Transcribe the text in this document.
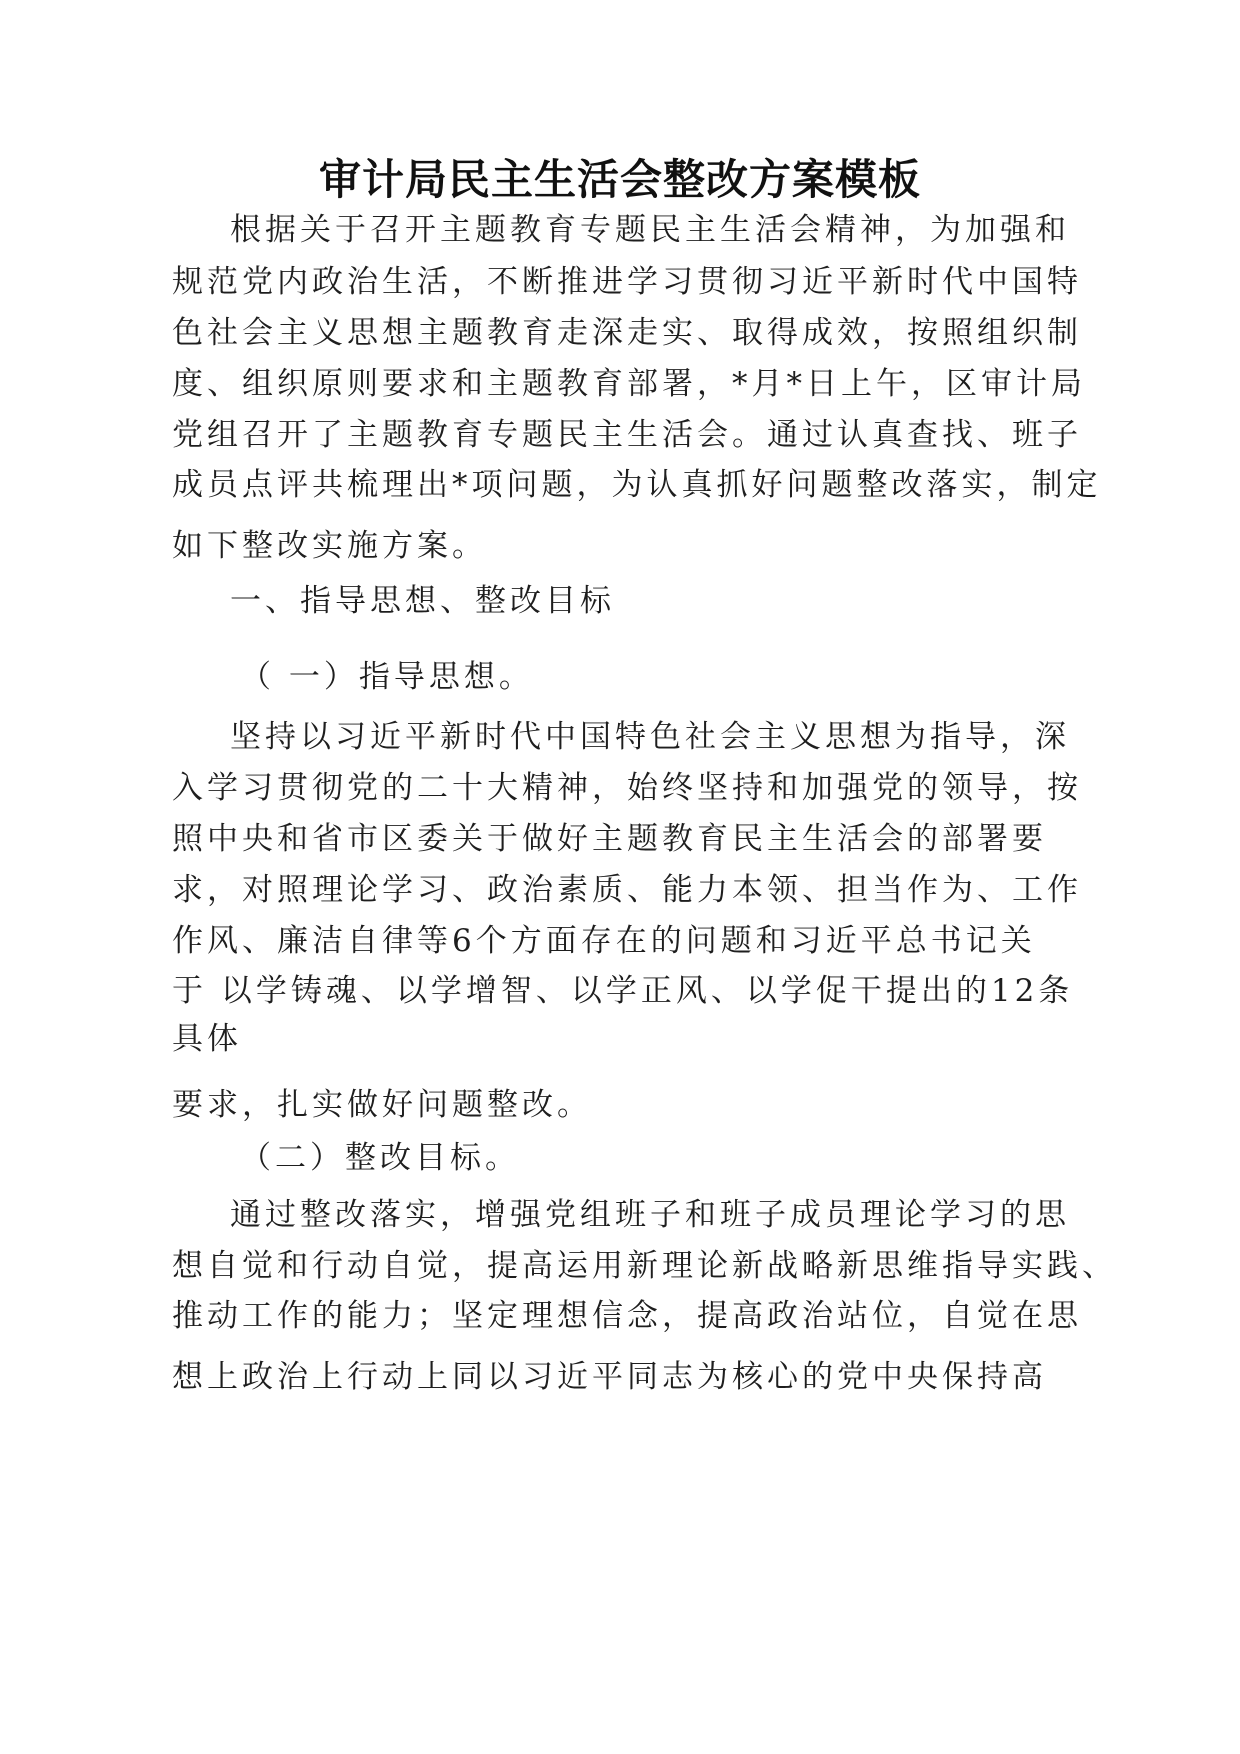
审计局民主生活会整改方案模板
根据关于召开主题教育专题民主生活会精神，为加强和
规范党内政治生活，不断推进学习贯彻习近平新时代中国特
色社会主义思想主题教育走深走实、取得成效，按照组织制
度、组织原则要求和主题教育部署，*月*日上午，区审计局
党组召开了主题教育专题民主生活会。通过认真查找、班子
成员点评共梳理出*项问题，为认真抓好问题整改落实，制定
如下整改实施方案。
一、指导思想、整改目标
（ 一）指导思想。
坚持以习近平新时代中国特色社会主义思想为指导，深
入学习贯彻党的二十大精神，始终坚持和加强党的领导，按
照中央和省市区委关于做好主题教育民主生活会的部署要
求，对照理论学习、政治素质、能力本领、担当作为、工作
作风、廉洁自律等6个方面存在的问题和习近平总书记关
于 以学铸魂、以学增智、以学正风、以学促干提出的12条
具体
要求，扎实做好问题整改。
（二）整改目标。
通过整改落实，增强党组班子和班子成员理论学习的思
想自觉和行动自觉，提高运用新理论新战略新思维指导实践、
推动工作的能力；坚定理想信念，提高政治站位，自觉在思
想上政治上行动上同以习近平同志为核心的党中央保持高
